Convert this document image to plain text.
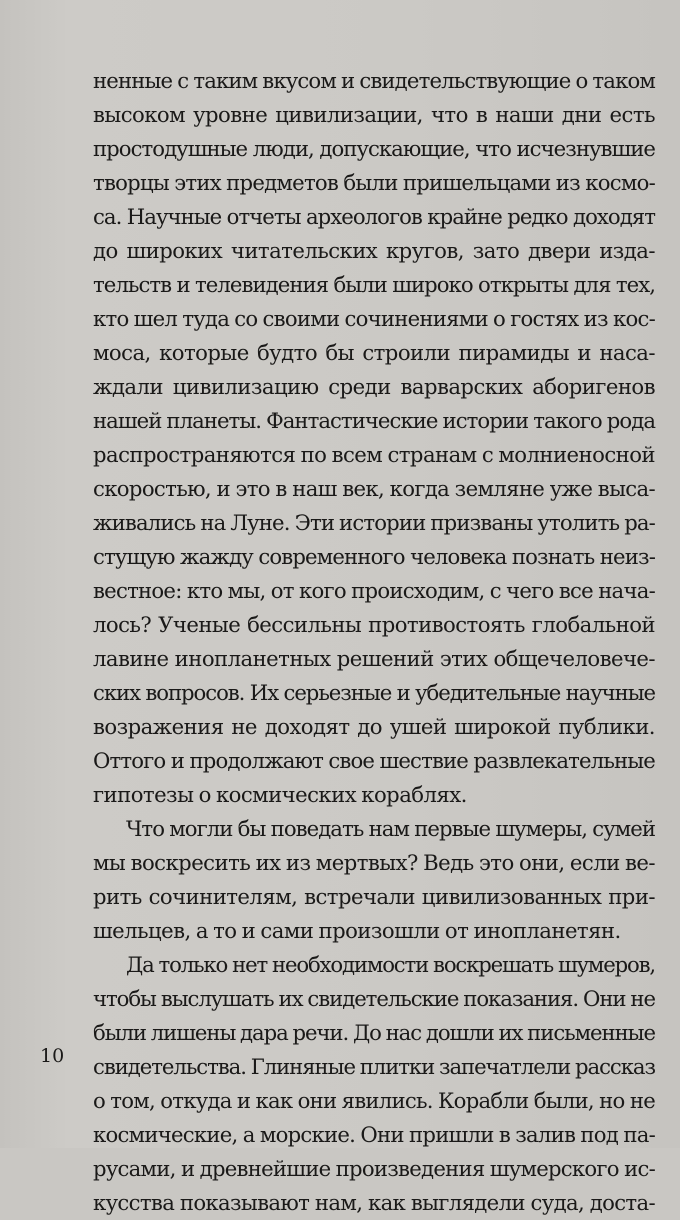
ненные с таким вкусом и свидетельствующие о таком
высоком уровне цивилизации, что в наши дни есть
простодушные люди, допускающие, что исчезнувшие
творцы этих предметов были пришельцами из космо-
са. Научные отчеты археологов крайне редко доходят
до широких читательских кругов, зато двери изда-
тельств и телевидения были широко открыты для тех,
кто шел туда со своими сочинениями о гостях из кос-
моса, которые будто бы строили пирамиды и наса-
ждали цивилизацию среди варварских аборигенов
нашей планеты. Фантастические истории такого рода
распространяются по всем странам с молниеносной
скоростью, и это в наш век, когда земляне уже выса-
живались на Луне. Эти истории призваны утолить ра-
стущую жажду современного человека познать неиз-
вестное: кто мы, от кого происходим, с чего все нача-
лось? Ученые бессильны противостоять глобальной
лавине инопланетных решений этих общечеловече-
ских вопросов. Их серьезные и убедительные научные
возражения не доходят до ушей широкой публики.
Оттого и продолжают свое шествие развлекательные
гипотезы о космических кораблях.
Что могли бы поведать нам первые шумеры, сумей
мы воскресить их из мертвых? Ведь это они, если ве-
рить сочинителям, встречали цивилизованных при-
шельцев, а то и сами произошли от инопланетян.
Да только нет необходимости воскрешать шумеров,
чтобы выслушать их свидетельские показания. Они не
были лишены дара речи. До нас дошли их письменные
свидетельства. Глиняные плитки запечатлели рассказ
о том, откуда и как они явились. Корабли были, но не
космические, а морские. Они пришли в залив под па-
русами, и древнейшие произведения шумерского ис-
кусства показывают нам, как выглядели суда, доста-
10
